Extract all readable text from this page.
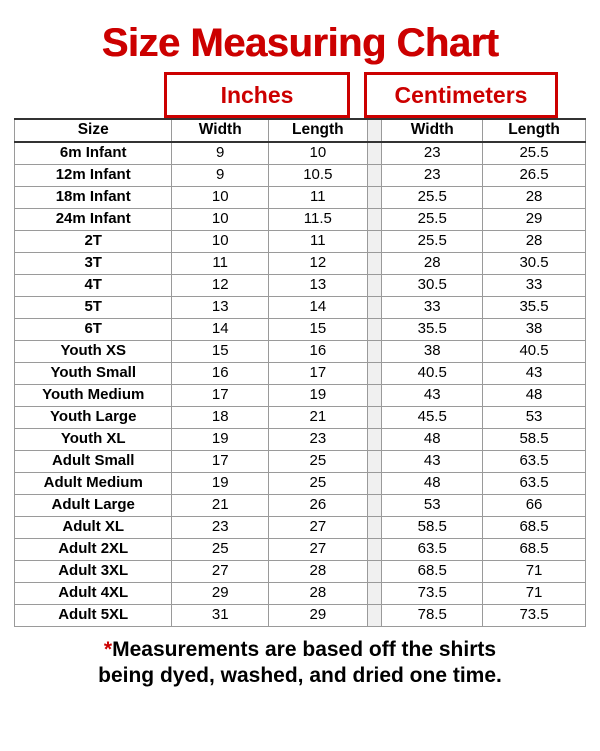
Size Measuring Chart
Inches	Centimeters
Size	Width	Length		Width	Length
6m Infant	9	10		23	25.5
12m Infant	9	10.5		23	26.5
18m Infant	10	11		25.5	28
24m Infant	10	11.5		25.5	29
2T	10	11		25.5	28
3T	11	12		28	30.5
4T	12	13		30.5	33
5T	13	14		33	35.5
6T	14	15		35.5	38
Youth XS	15	16		38	40.5
Youth Small	16	17		40.5	43
Youth Medium	17	19		43	48
Youth Large	18	21		45.5	53
Youth XL	19	23		48	58.5
Adult Small	17	25		43	63.5
Adult Medium	19	25		48	63.5
Adult Large	21	26		53	66
Adult XL	23	27		58.5	68.5
Adult 2XL	25	27		63.5	68.5
Adult 3XL	27	28		68.5	71
Adult 4XL	29	28		73.5	71
Adult 5XL	31	29		78.5	73.5
*Measurements are based off the shirts
being dyed, washed, and dried one time.
